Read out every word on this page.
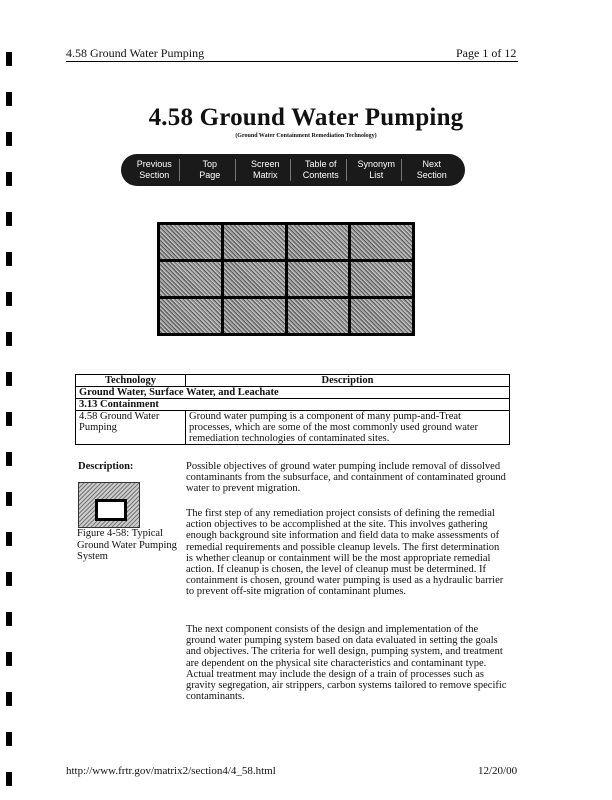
4.58 Ground Water Pumping	Page 1 of 12
4.58 Ground Water Pumping
(Ground Water Containment Remediation Technology)
Previous
Section
Top
Page
Screen
Matrix
Table of
Contents
Synonym
List
Next
Section
Technology	Description
Ground Water, Surface Water, and Leachate	
3.13 Containment	
4.58 Ground Water Pumping	Ground water pumping is a component of many pump-and-Treat processes, which are some of the most commonly used ground water remediation technologies of contaminated sites.
Description:
Figure 4-58: Typical Ground Water Pumping System

Possible objectives of ground water pumping include removal of dissolved contaminants from the subsurface, and containment of contaminated ground water to prevent migration.

The first step of any remediation project consists of defining the remedial action objectives to be accomplished at the site. This involves gathering enough background site information and field data to make assessments of remedial requirements and possible cleanup levels. The first determination is whether cleanup or containment will be the most appropriate remedial action. If cleanup is chosen, the level of cleanup must be determined. If containment is chosen, ground water pumping is used as a hydraulic barrier to prevent off-site migration of contaminant plumes.

The next component consists of the design and implementation of the ground water pumping system based on data evaluated in setting the goals and objectives. The criteria for well design, pumping system, and treatment are dependent on the physical site characteristics and contaminant type. Actual treatment may include the design of a train of processes such as gravity segregation, air strippers, carbon systems tailored to remove specific contaminants.

http://www.frtr.gov/matrix2/section4/4_58.html	12/20/00
